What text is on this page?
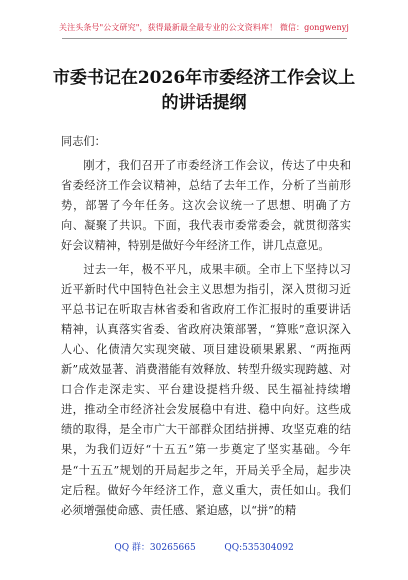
关注头条号"公文研究"，获得最新最全最专业的公文资料库！ 微信：gongwenyj
市委书记在2026年市委经济工作会议上
的讲话提纲

同志们：

刚才，我们召开了市委经济工作会议，传达了中央和省委经济工作会议精神，总结了去年工作，分析了当前形势，部署了今年任务。这次会议统一了思想、明确了方向、凝聚了共识。下面，我代表市委常委会，就贯彻落实好会议精神，特别是做好今年经济工作，讲几点意见。

过去一年，极不平凡，成果丰硕。全市上下坚持以习近平新时代中国特色社会主义思想为指引，深入贯彻习近平总书记在听取吉林省委和省政府工作汇报时的重要讲话精神，认真落实省委、省政府决策部署，“算账”意识深入人心、化债清欠实现突破、项目建设硕果累累、“两拖两新”成效显著、消费潜能有效释放、转型升级实现跨越、对口合作走深走实、平台建设提档升级、民生福祉持续增进，推动全市经济社会发展稳中有进、稳中向好。这些成绩的取得，是全市广大干部群众团结拼搏、攻坚克难的结果，为我们迈好“十五五”第一步奠定了坚实基础。今年是“十五五”规划的开局起步之年，开局关乎全局，起步决定后程。做好今年经济工作，意义重大，责任如山。我们必须增强使命感、责任感、紧迫感，以“拼”的精

QQ 群：30265665          QQ:535304092
